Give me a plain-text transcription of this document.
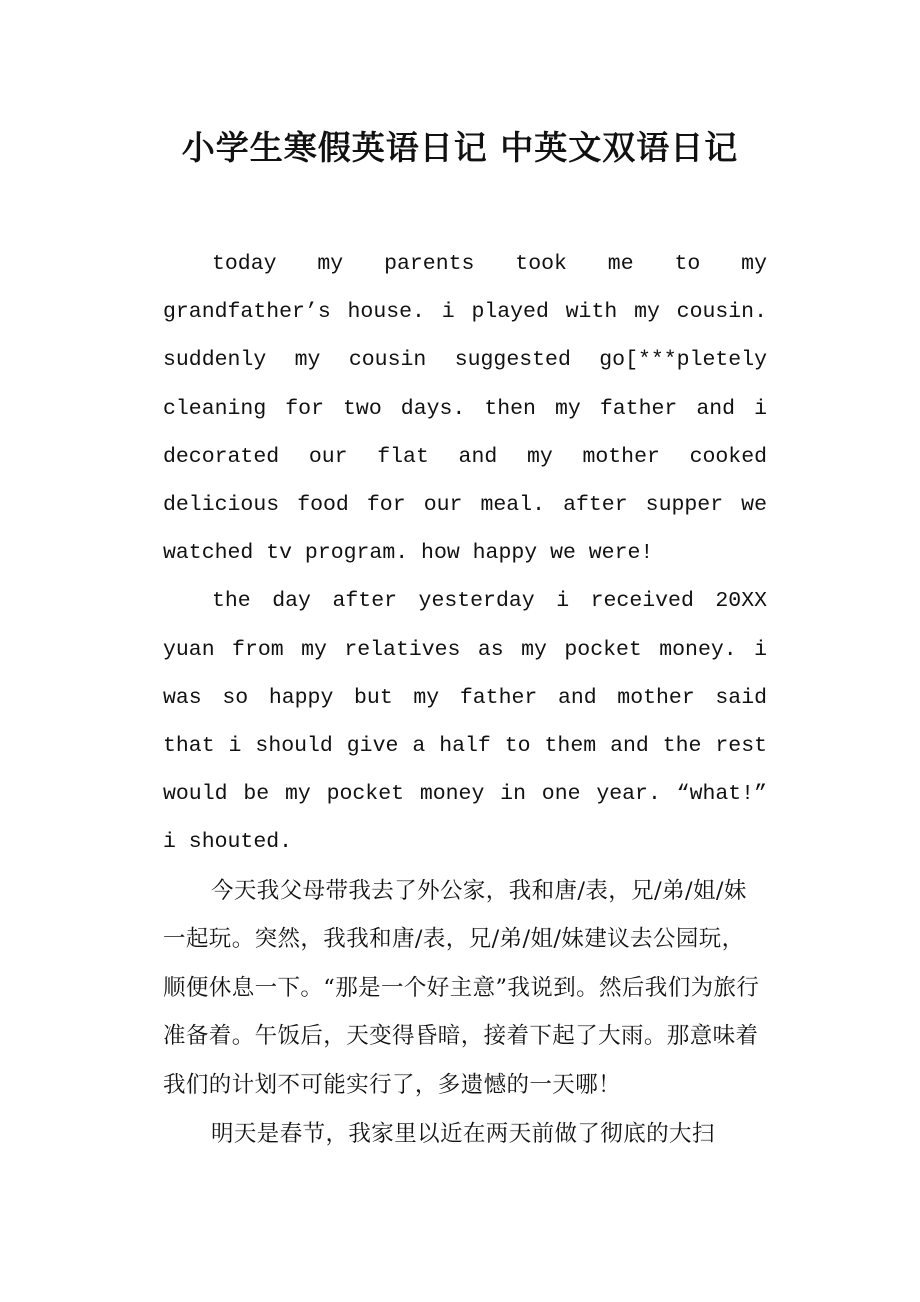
小学生寒假英语日记 中英文双语日记

today my parents took me to my grandfather’s house. i played with my cousin. suddenly my cousin suggested go[***pletely cleaning for two days. then my father and i decorated our flat and my mother cooked delicious food for our meal. after supper we watched tv program. how happy we were!

the day after yesterday i received 20XX yuan from my relatives as my pocket money. i was so happy but my father and mother said that i should give a half to them and the rest would be my pocket money in one year. “what!” i shouted.

今天我父母带我去了外公家，我和唐/表，兄/弟/姐/妹一起玩。突然，我我和唐/表，兄/弟/姐/妹建议去公园玩，顺便休息一下。“那是一个好主意”我说到。然后我们为旅行准备着。午饭后，天变得昏暗，接着下起了大雨。那意味着我们的计划不可能实行了，多遗憾的一天哪！

明天是春节，我家里以近在两天前做了彻底的大扫
